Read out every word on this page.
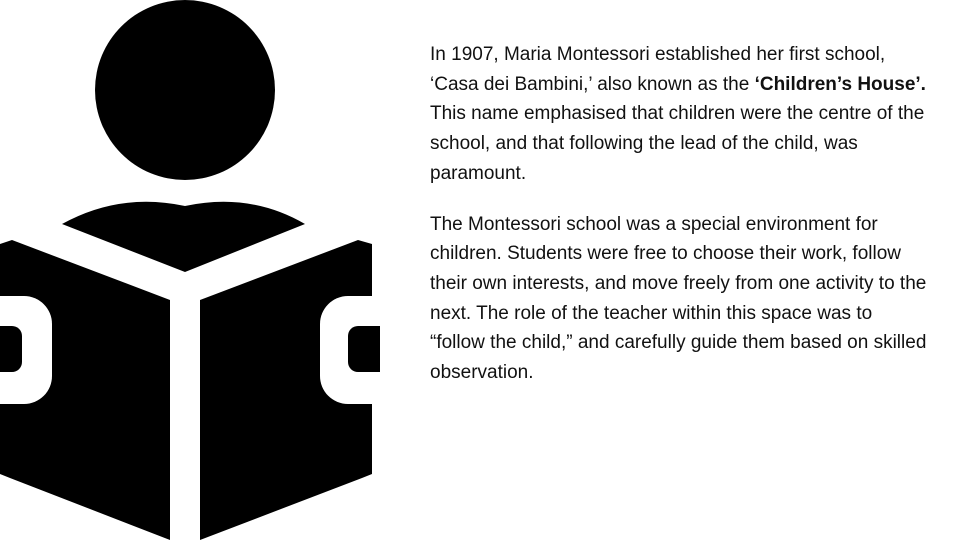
In 1907, Maria Montessori established her first school, ‘Casa dei Bambini,’ also known as the ‘Children’s House’. This name emphasised that children were the centre of the school, and that following the lead of the child, was paramount.

The Montessori school was a special environment for children. Students were free to choose their work, follow their own interests, and move freely from one activity to the next. The role of the teacher within this space was to “follow the child,” and carefully guide them based on skilled observation.
